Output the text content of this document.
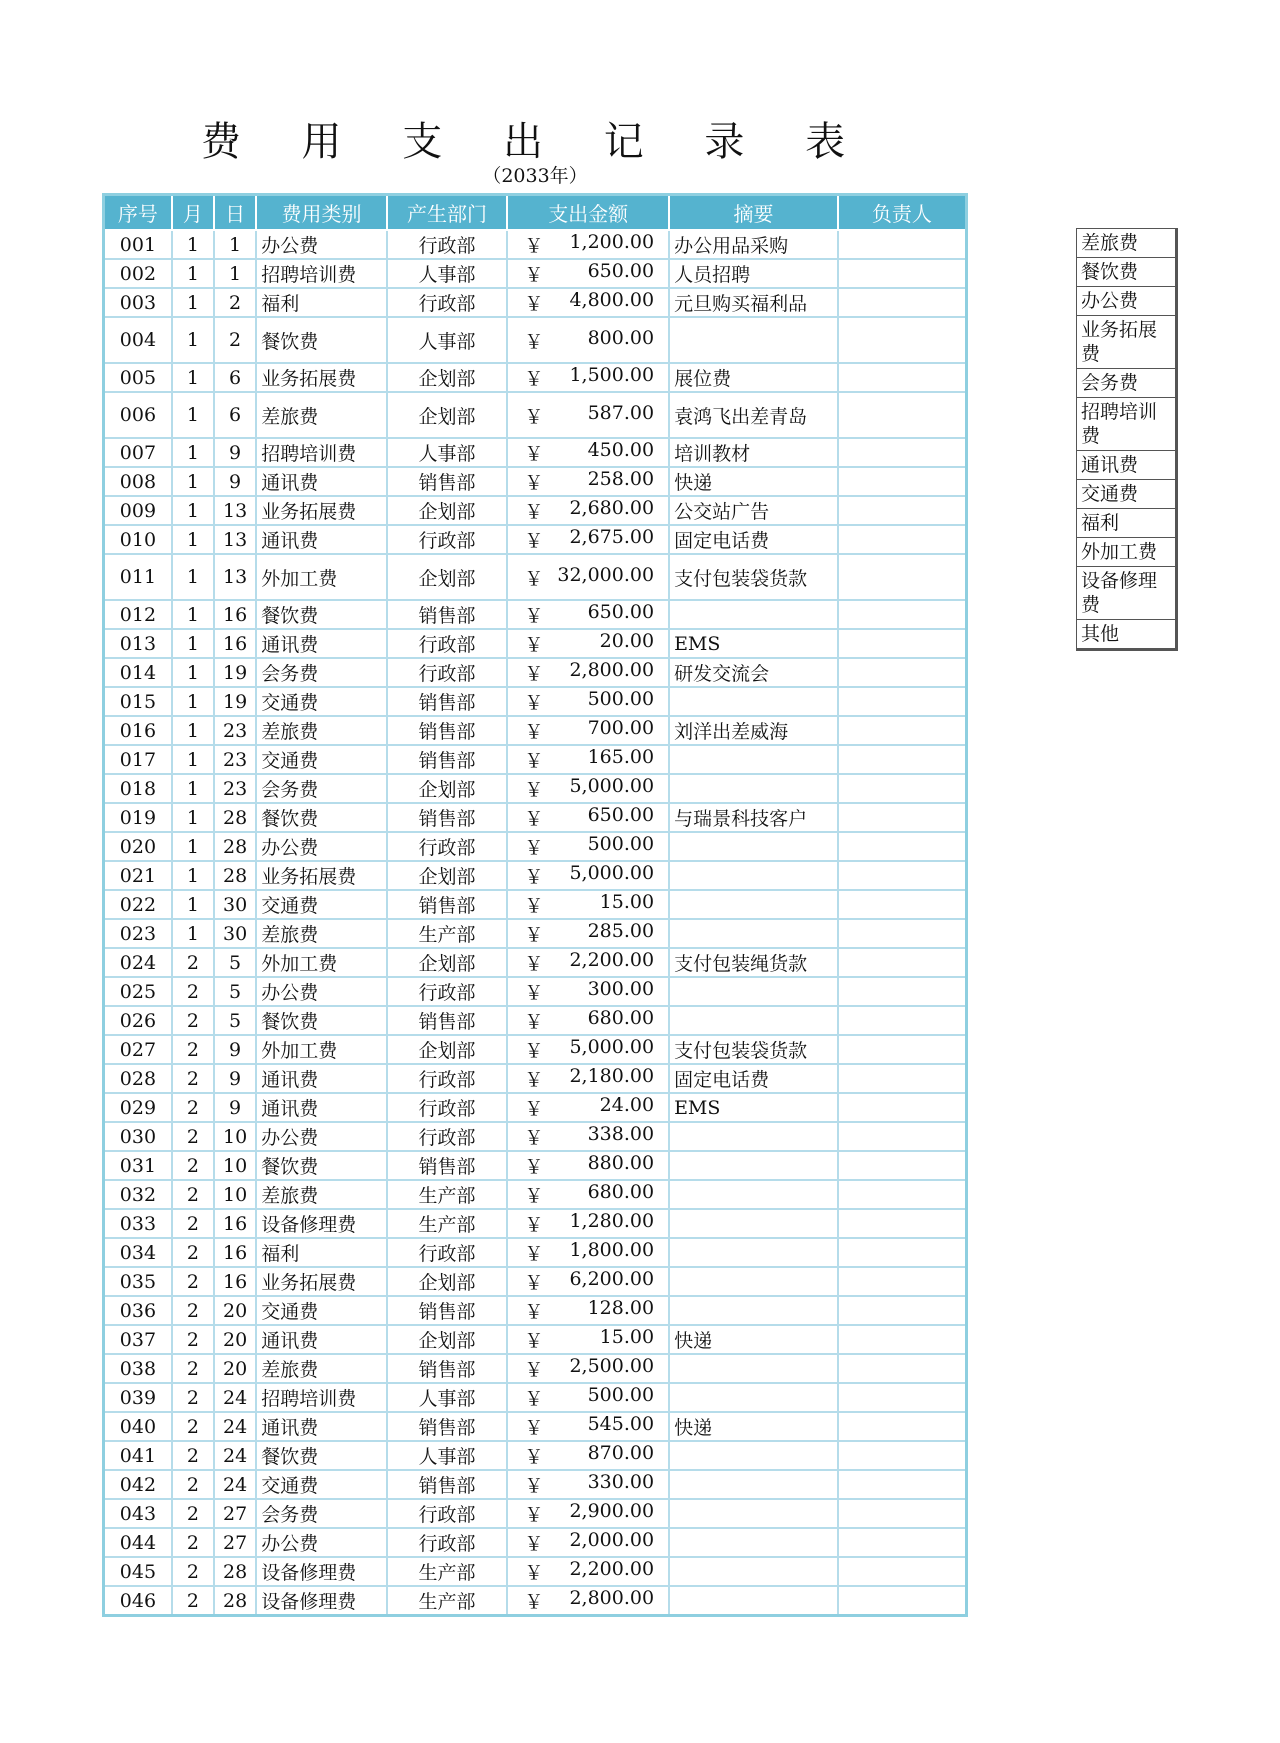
费 用 支 出 记 录 表
（2033年）
序号	月	日	费用类别	产生部门	支出金额	摘要	负责人
001	1	1	办公费	行政部	￥ 1,200.00	办公用品采购	
002	1	1	招聘培训费	人事部	￥ 650.00	人员招聘	
003	1	2	福利	行政部	￥ 4,800.00	元旦购买福利品	
004	1	2	餐饮费	人事部	￥ 800.00		

005	1	6	业务拓展费	企划部	￥ 1,500.00	展位费	
006	1	6	差旅费	企划部	￥ 587.00	袁鸿飞出差青岛	
007	1	9	招聘培训费	人事部	￥ 450.00	培训教材	
008	1	9	通讯费	销售部	￥ 258.00	快递	
009	1	13	业务拓展费	企划部	￥ 2,680.00	公交站广告	
010	1	13	通讯费	行政部	￥ 2,675.00	固定电话费	
011	1	13	外加工费	企划部	￥ 32,000.00	支付包装袋货款	
012	1	16	餐饮费	销售部	￥ 650.00		

013	1	16	通讯费	行政部	￥ 20.00	EMS	
014	1	19	会务费	行政部	￥ 2,800.00	研发交流会	
015	1	19	交通费	销售部	￥ 500.00		

016	1	23	差旅费	销售部	￥ 700.00	刘洋出差威海	
017	1	23	交通费	销售部	￥ 165.00		

018	1	23	会务费	企划部	￥ 5,000.00		

019	1	28	餐饮费	销售部	￥ 650.00	与瑞景科技客户	
020	1	28	办公费	行政部	￥ 500.00		

021	1	28	业务拓展费	企划部	￥ 5,000.00		

022	1	30	交通费	销售部	￥ 15.00		

023	1	30	差旅费	生产部	￥ 285.00		

024	2	5	外加工费	企划部	￥ 2,200.00	支付包装绳货款	
025	2	5	办公费	行政部	￥ 300.00		

026	2	5	餐饮费	销售部	￥ 680.00		

027	2	9	外加工费	企划部	￥ 5,000.00	支付包装袋货款	
028	2	9	通讯费	行政部	￥ 2,180.00	固定电话费	
029	2	9	通讯费	行政部	￥ 24.00	EMS	
030	2	10	办公费	行政部	￥ 338.00		

031	2	10	餐饮费	销售部	￥ 880.00		

032	2	10	差旅费	生产部	￥ 680.00		

033	2	16	设备修理费	生产部	￥ 1,280.00		

034	2	16	福利	行政部	￥ 1,800.00		

035	2	16	业务拓展费	企划部	￥ 6,200.00		

036	2	20	交通费	销售部	￥ 128.00		

037	2	20	通讯费	企划部	￥ 15.00	快递	
038	2	20	差旅费	销售部	￥ 2,500.00		

039	2	24	招聘培训费	人事部	￥ 500.00		

040	2	24	通讯费	销售部	￥ 545.00	快递	
041	2	24	餐饮费	人事部	￥ 870.00		

042	2	24	交通费	销售部	￥ 330.00		

043	2	27	会务费	行政部	￥ 2,900.00		

044	2	27	办公费	行政部	￥ 2,000.00		

045	2	28	设备修理费	生产部	￥ 2,200.00		

046	2	28	设备修理费	生产部	￥ 2,800.00		

差旅费
餐饮费
办公费
业务拓展费
会务费
招聘培训费
通讯费
交通费
福利
外加工费
设备修理费
其他
